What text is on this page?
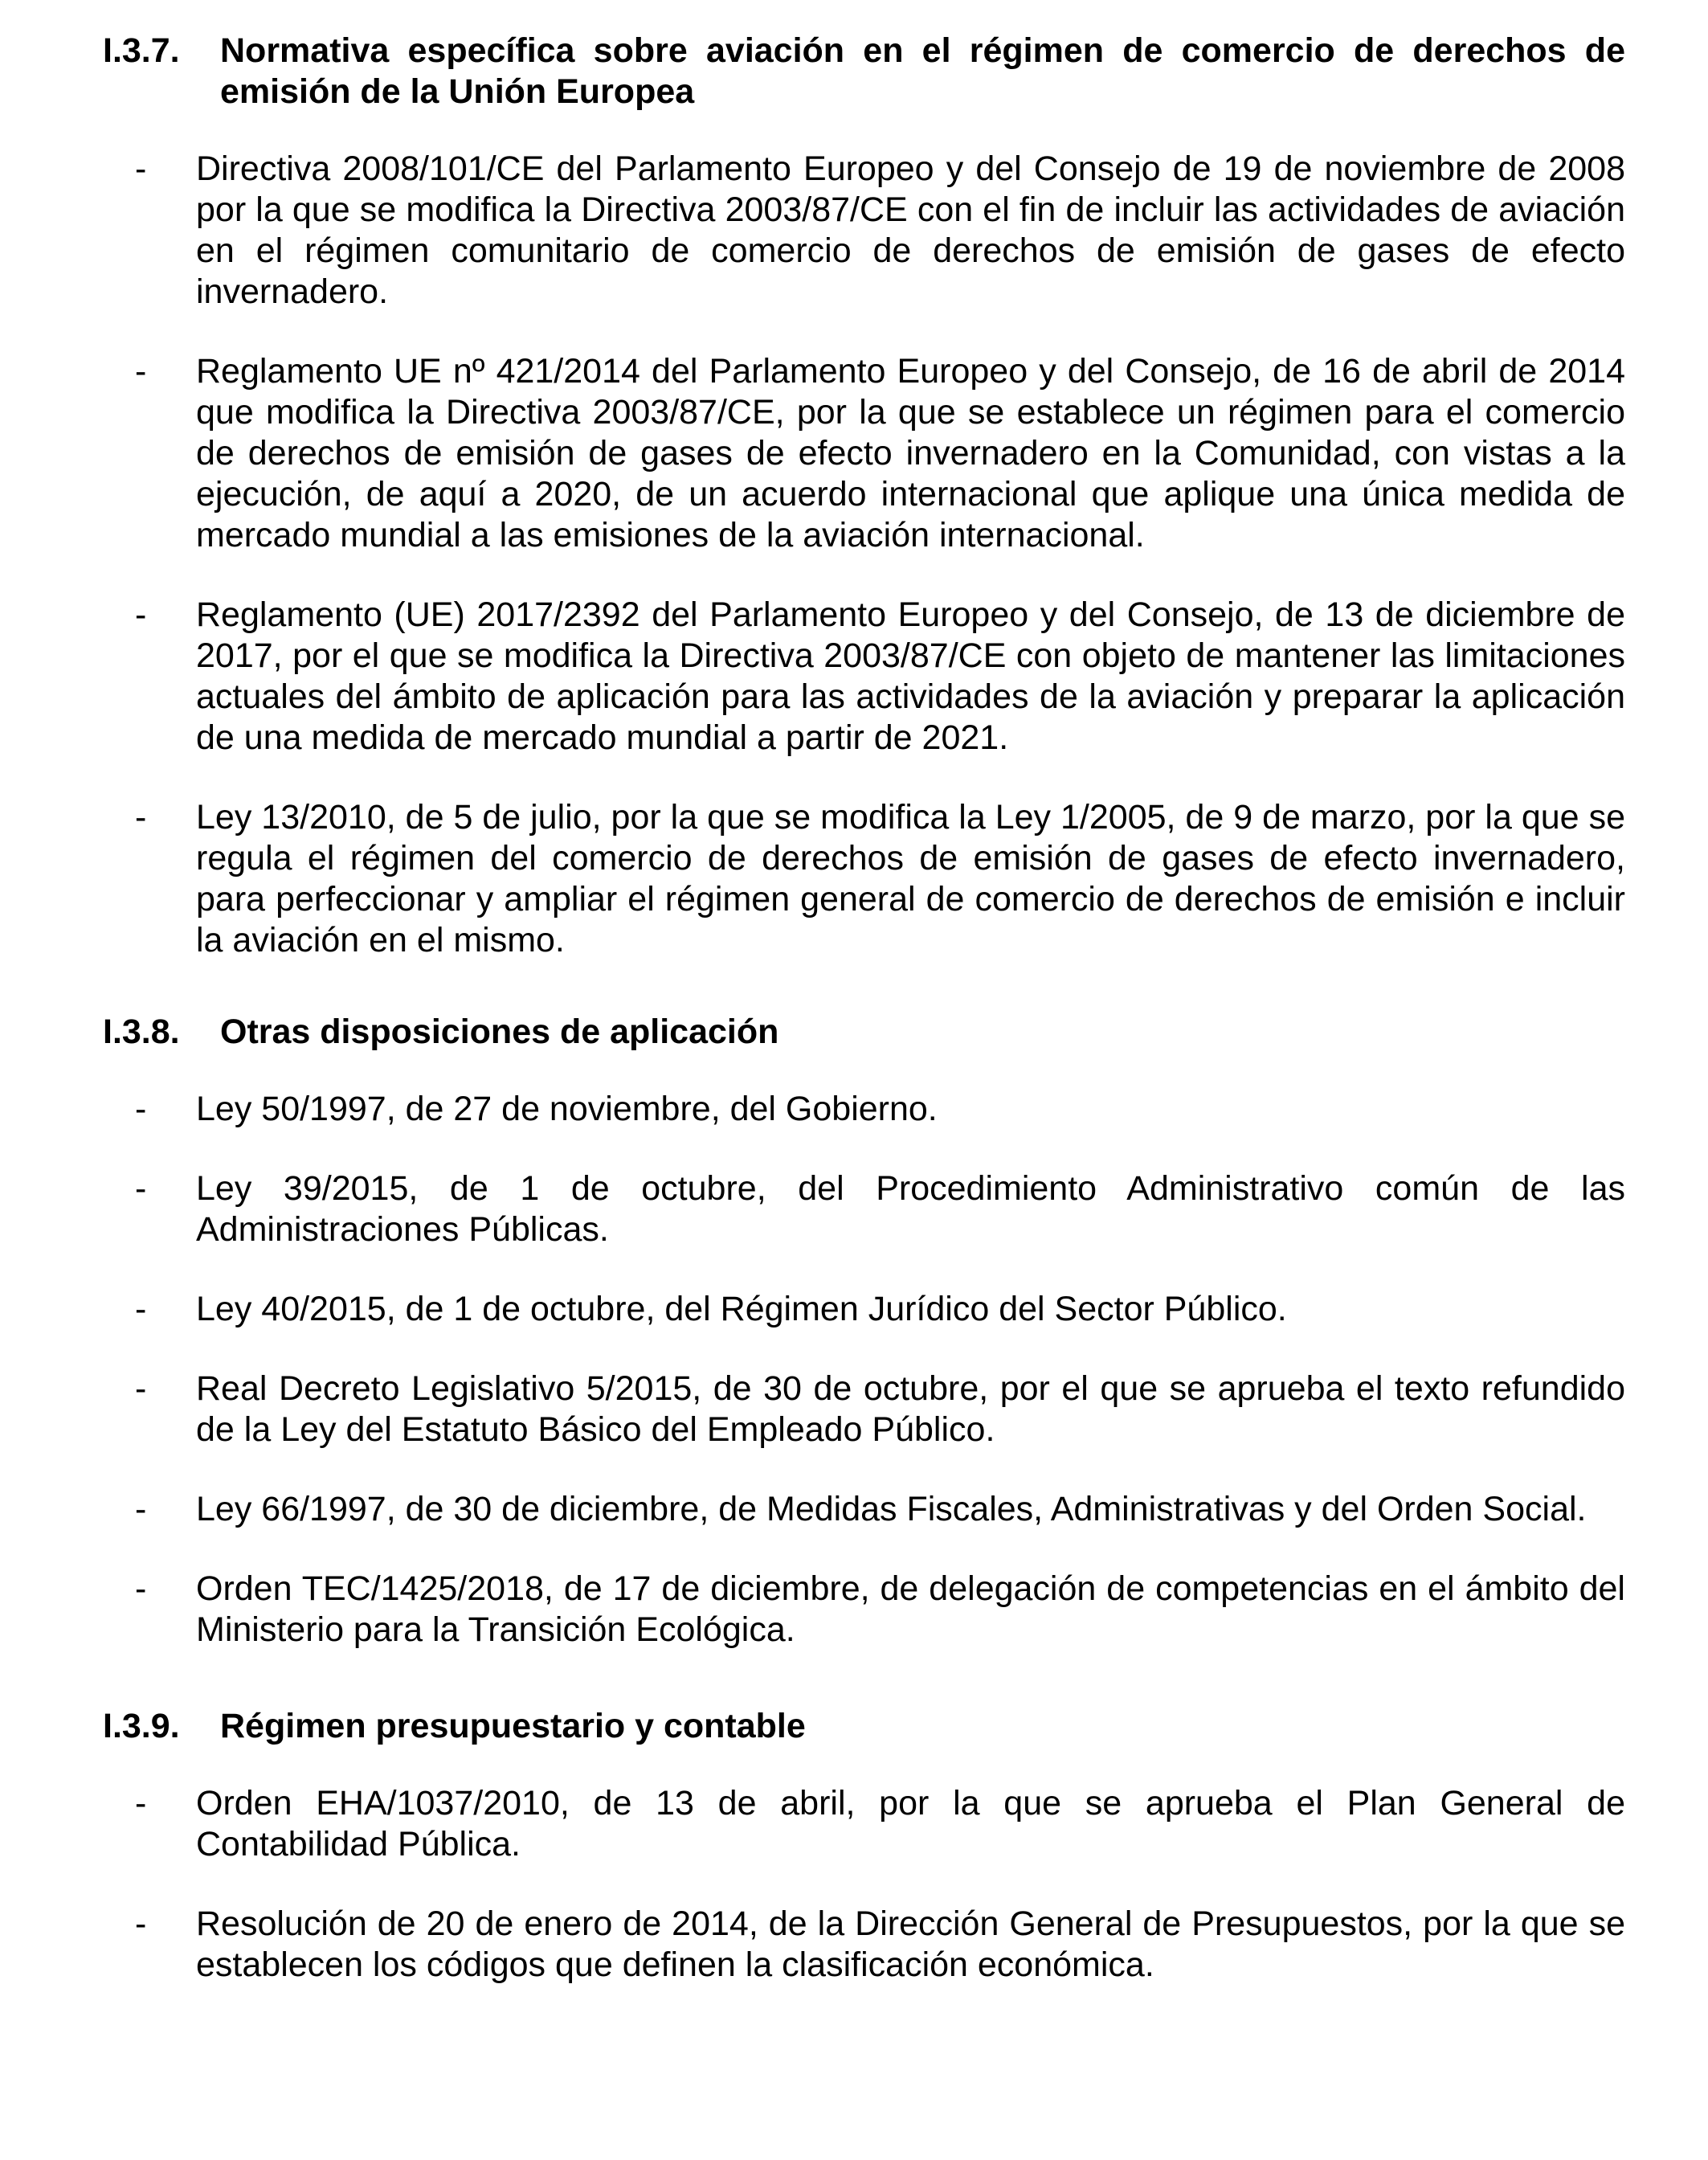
I.3.7.	Normativa específica sobre aviación en el régimen de comercio de derechos de emisión de la Unión Europea
-	Directiva 2008/101/CE del Parlamento Europeo y del Consejo de 19 de noviembre de 2008 por la que se modifica la Directiva 2003/87/CE con el fin de incluir las actividades de aviación en el régimen comunitario de comercio de derechos de emisión de gases de efecto invernadero.
-	Reglamento UE nº 421/2014 del Parlamento Europeo y del Consejo, de 16 de abril de 2014 que modifica la Directiva 2003/87/CE, por la que se establece un régimen para el comercio de derechos de emisión de gases de efecto invernadero en la Comunidad, con vistas a la ejecución, de aquí a 2020, de un acuerdo internacional que aplique una única medida de mercado mundial a las emisiones de la aviación internacional.
-	Reglamento (UE) 2017/2392 del Parlamento Europeo y del Consejo, de 13 de diciembre de 2017, por el que se modifica la Directiva 2003/87/CE con objeto de mantener las limitaciones actuales del ámbito de aplicación para las actividades de la aviación y preparar la aplicación de una medida de mercado mundial a partir de 2021.
-	Ley 13/2010, de 5 de julio, por la que se modifica la Ley 1/2005, de 9 de marzo, por la que se regula el régimen del comercio de derechos de emisión de gases de efecto invernadero, para perfeccionar y ampliar el régimen general de comercio de derechos de emisión e incluir la aviación en el mismo.
I.3.8.	Otras disposiciones de aplicación
-	Ley 50/1997, de 27 de noviembre, del Gobierno.
-	Ley 39/2015, de 1 de octubre, del Procedimiento Administrativo común de las Administraciones Públicas.
-	Ley 40/2015, de 1 de octubre, del Régimen Jurídico del Sector Público.
-	Real Decreto Legislativo 5/2015, de 30 de octubre, por el que se aprueba el texto refundido de la Ley del Estatuto Básico del Empleado Público.
-	Ley 66/1997, de 30 de diciembre, de Medidas Fiscales, Administrativas y del Orden Social.
-	Orden TEC/1425/2018, de 17 de diciembre, de delegación de competencias en el ámbito del Ministerio para la Transición Ecológica.
I.3.9.	Régimen presupuestario y contable
-	Orden EHA/1037/2010, de 13 de abril, por la que se aprueba el Plan General de Contabilidad Pública.
-	Resolución de 20 de enero de 2014, de la Dirección General de Presupuestos, por la que se establecen los códigos que definen la clasificación económica.
